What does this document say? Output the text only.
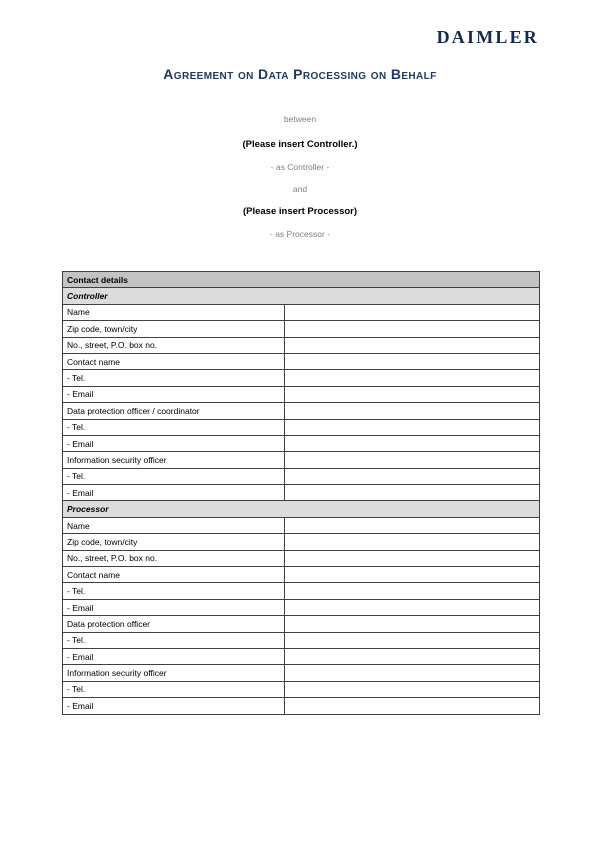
DAIMLER
Agreement on Data Processing on Behalf
between
(Please insert Controller.)
- as Controller -
and
(Please insert Processor)
- as Processor -
Contact details	
Controller	
Name	
Zip code, town/city	
No., street, P.O. box no.	
Contact name	
- Tel.	
- Email	
Data protection officer / coordinator	
- Tel.	
- Email	
Information security officer	
- Tel.	
- Email	
Processor	
Name	
Zip code, town/city	
No., street, P.O. box no.	
Contact name	
- Tel.	
- Email	
Data protection officer	
- Tel.	
- Email	
Information security officer	
- Tel.	
- Email	
